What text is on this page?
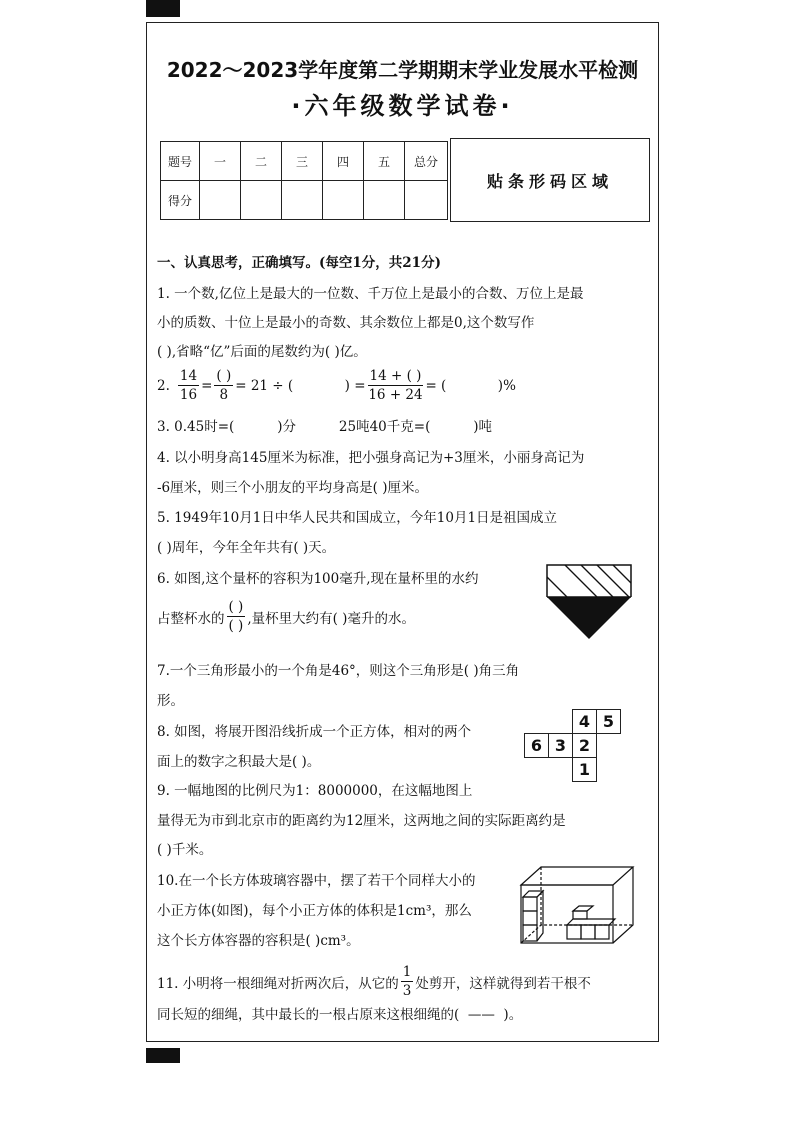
2022～2023学年度第二学期期末学业发展水平检测
·六年级数学试卷·
题号	一	二	三	四	五	总分
得分						
贴条形码区域
一、认真思考，正确填写。(每空1分，共21分)
1. 一个数,亿位上是最大的一位数、千万位上是最小的合数、万位上是最
小的质数、十位上是最小的奇数、其余数位上都是0,这个数写作
( ),省略“亿”后面的尾数约为( )亿。
2. $\frac{14}{16} = \frac{( )}{8} = 21$ ÷ (            ) = $\frac{14 + ( )}{16 + 24}$ = (            )%
3. 0.45时=(          )分          25吨40千克=(          )吨
4. 以小明身高145厘米为标准，把小强身高记为+3厘米，小丽身高记为
-6厘米，则三个小朋友的平均身高是( )厘米。
5. 1949年10月1日中华人民共和国成立，今年10月1日是祖国成立
( )周年，今年全年共有( )天。
6. 如图,这个量杯的容积为100毫升,现在量杯里的水约
占整杯水的 $\frac{( )}{( )}$ ,量杯里大约有( )毫升的水。
7.一个三角形最小的一个角是46°，则这个三角形是( )角三角
形。
8. 如图，将展开图沿线折成一个正方体，相对的两个
面上的数字之积最大是( )。
4 5
6 3 2
1
9. 一幅地图的比例尺为1：8000000，在这幅地图上
量得无为市到北京市的距离约为12厘米，这两地之间的实际距离约是
( )千米。
10.在一个长方体玻璃容器中，摆了若干个同样大小的
小正方体(如图)，每个小正方体的体积是1cm³，那么
这个长方体容器的容积是( )cm³。
11. 小明将一根细绳对折两次后，从它的 $\frac{1}{3}$ 处剪开，这样就得到若干根不
同长短的细绳，其中最长的一根占原来这根细绳的(  ——  )。
